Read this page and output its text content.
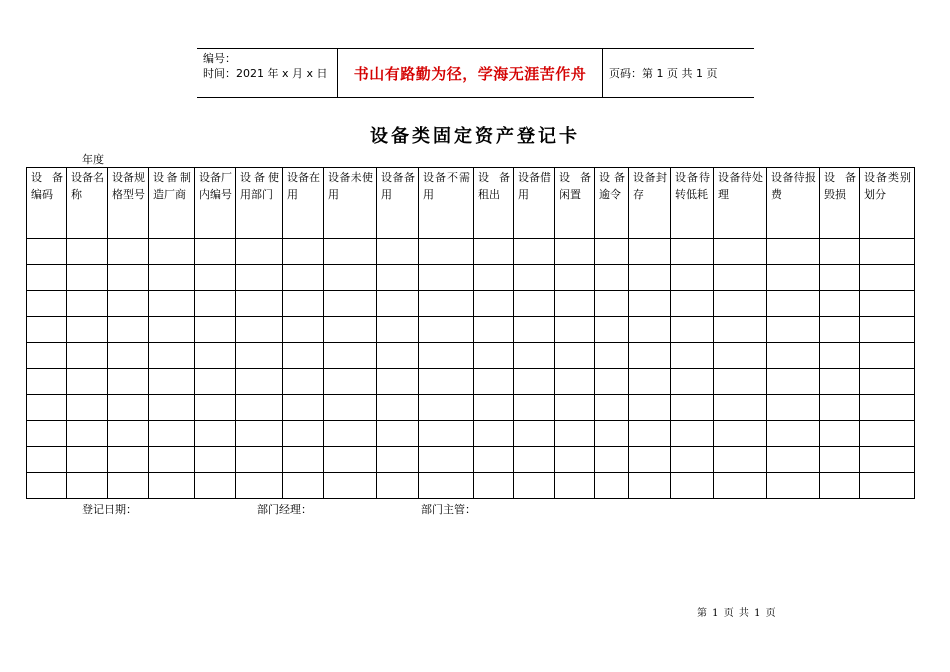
编号：
时间：2021 年 x 月 x 日	书山有路勤为径，学海无涯苦作舟	页码：第 1 页 共 1 页
设备类固定资产登记卡
年度
设备编码	设备名称	设备规格型号	设备制造厂商	设备厂内编号	设备使用部门	设备在用	设备未使用	设备备用	设备不需用	设备租出	设备借用	设备闲置	设备逾令	设备封存	设备待转低耗	设备待处理	设备待报费	设备毁损	设备类别划分

登记日期：	部门经理：	部门主管：
第 1 页 共 1 页
